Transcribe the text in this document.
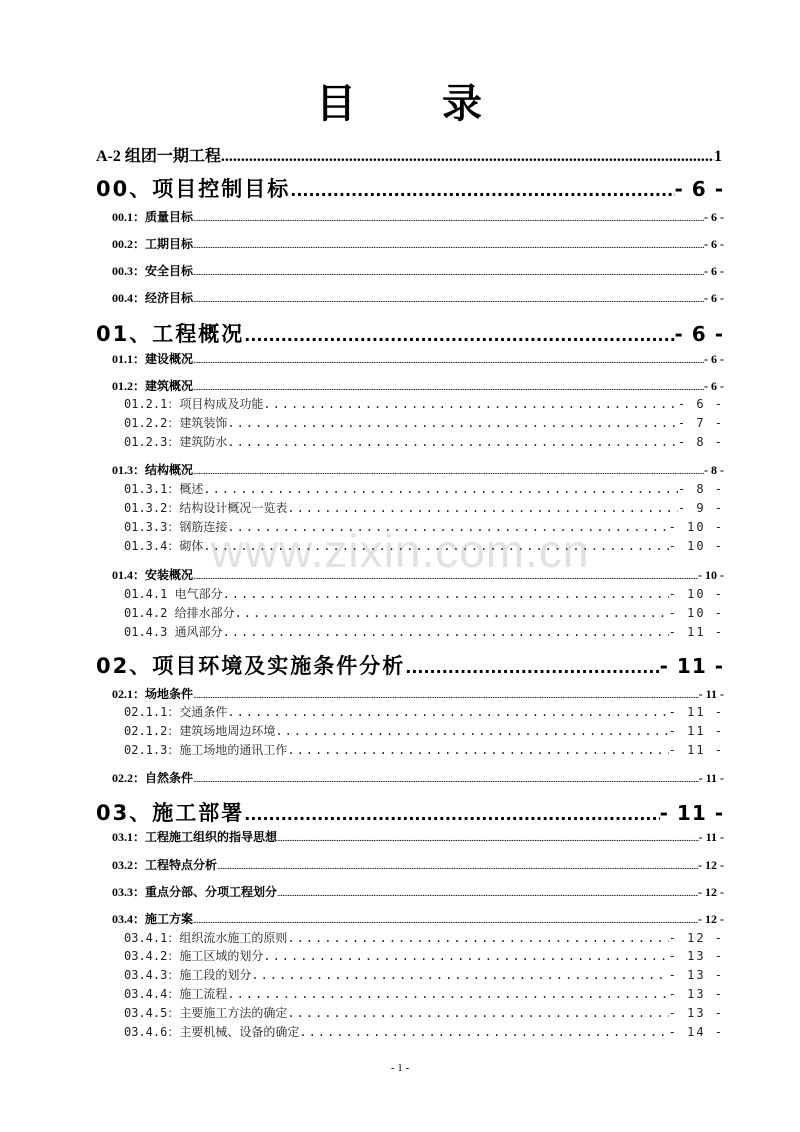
目　　录
A-2 组团一期工程 .....	1
00、项目控制目标 .....	- 6 -
00.1：质量目标 .....	- 6 -
00.2：工期目标 .....	- 6 -
00.3：安全目标 .....	- 6 -
00.4：经济目标 .....	- 6 -
01、工程概况 .....	- 6 -
01.1：建设概况 .....	- 6 -
01.2：建筑概况 .....	- 6 -
01.2.1：项目构成及功能 .....	- 6 -
01.2.2：建筑装饰 .....	- 7 -
01.2.3：建筑防水 .....	- 8 -
01.3：结构概况 .....	- 8 -
01.3.1：概述 .....	- 8 -
01.3.2：结构设计概况一览表 .....	- 9 -
01.3.3：钢筋连接 .....	- 10 -
01.3.4：砌体 .....	- 10 -
01.4：安装概况 .....	- 10 -
01.4.1 电气部分 .....	- 10 -
01.4.2 给排水部分 .....	- 10 -
01.4.3 通风部分 .....	- 11 -
02、项目环境及实施条件分析 .....	- 11 -
02.1：场地条件 .....	- 11 -
02.1.1：交通条件 .....	- 11 -
02.1.2：建筑场地周边环境 .....	- 11 -
02.1.3：施工场地的通讯工作 .....	- 11 -
02.2：自然条件 .....	- 11 -
03、施工部署 .....	- 11 -
03.1：工程施工组织的指导思想 .....	- 11 -
03.2：工程特点分析 .....	- 12 -
03.3：重点分部、分项工程划分 .....	- 12 -
03.4：施工方案 .....	- 12 -
03.4.1：组织流水施工的原则 .....	- 12 -
03.4.2：施工区域的划分 .....	- 13 -
03.4.3：施工段的划分 .....	- 13 -
03.4.4：施工流程 .....	- 13 -
03.4.5：主要施工方法的确定 .....	- 13 -
03.4.6：主要机械、设备的确定 .....	- 14 -
www.zixin.com.cn
- 1 -
